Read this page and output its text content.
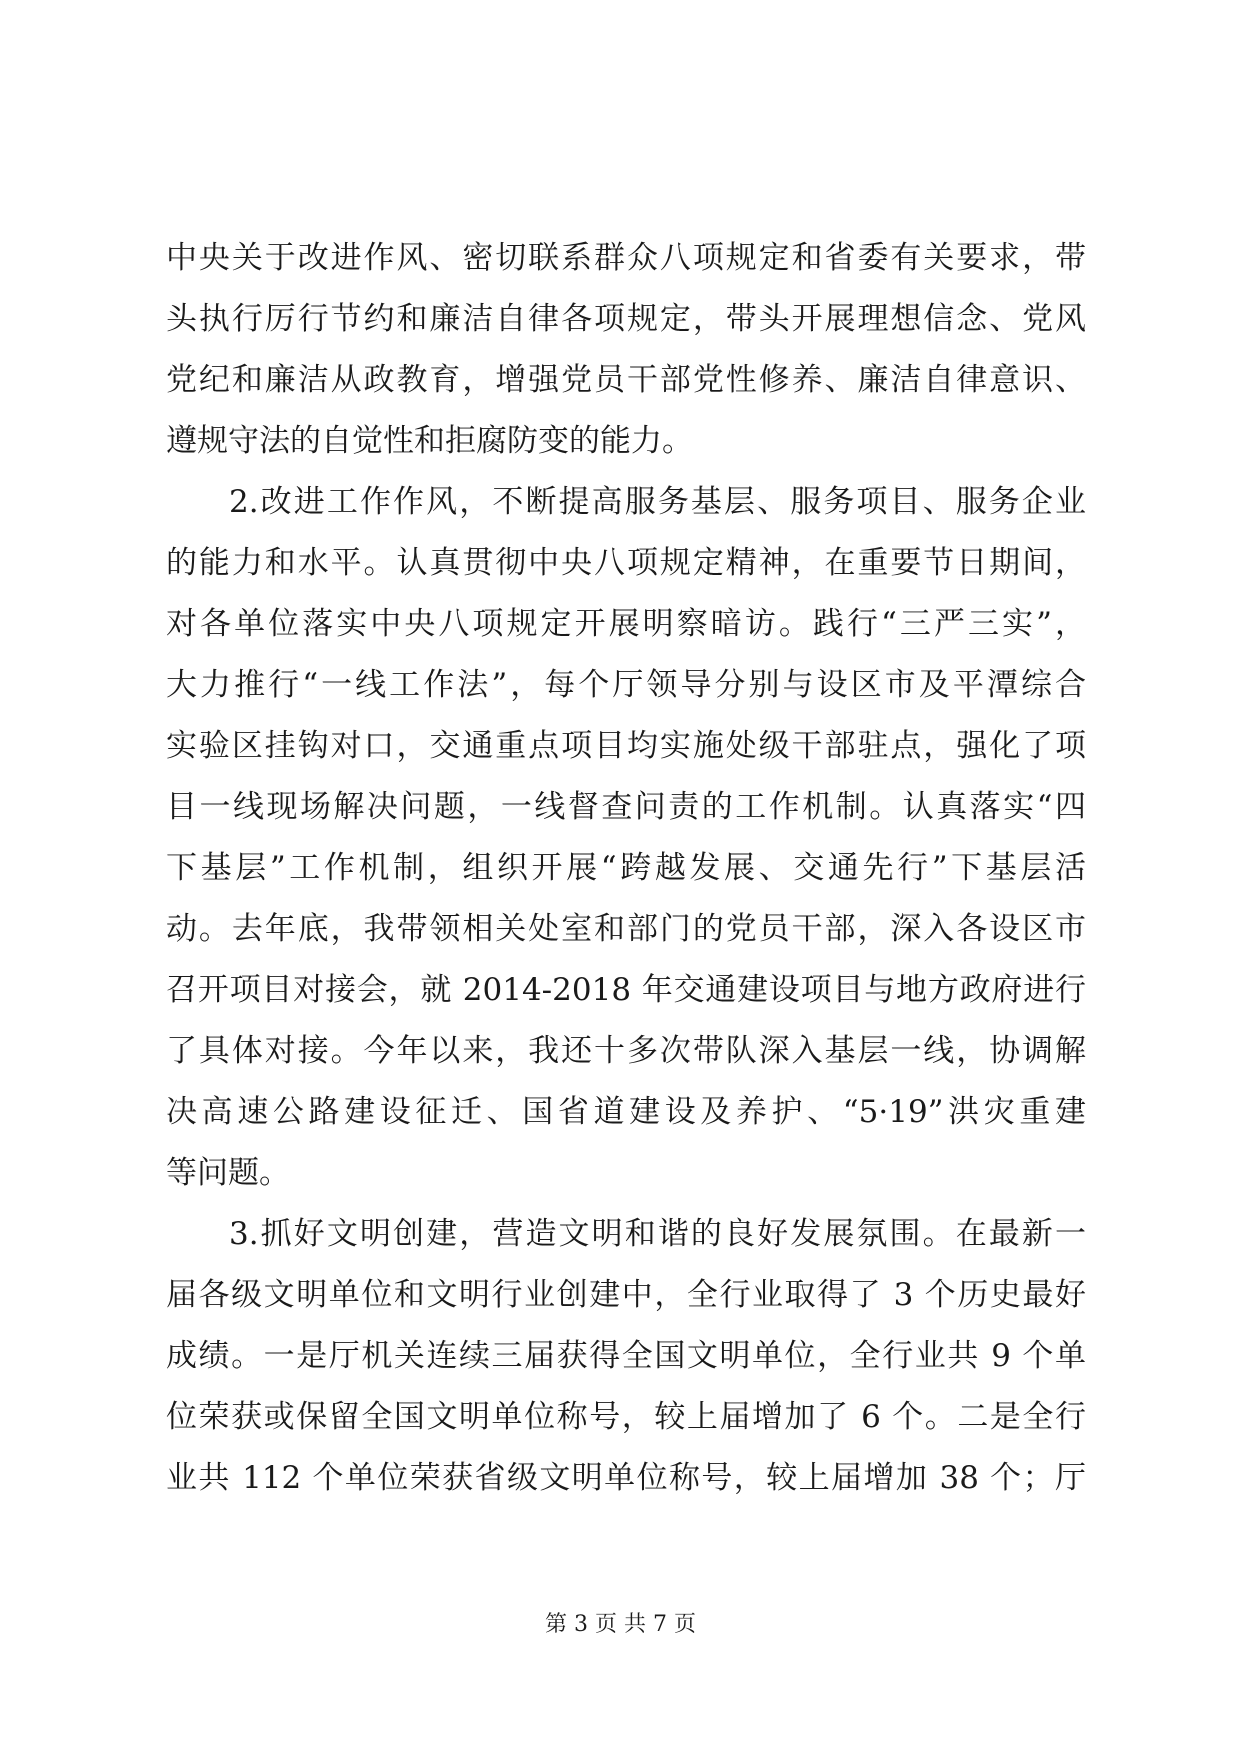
中央关于改进作风、密切联系群众八项规定和省委有关要求，带
头执行厉行节约和廉洁自律各项规定，带头开展理想信念、党风
党纪和廉洁从政教育，增强党员干部党性修养、廉洁自律意识、
遵规守法的自觉性和拒腐防变的能力。
2.改进工作作风，不断提高服务基层、服务项目、服务企业
的能力和水平。认真贯彻中央八项规定精神，在重要节日期间，
对各单位落实中央八项规定开展明察暗访。践行“三严三实”，
大力推行“一线工作法”，每个厅领导分别与设区市及平潭综合
实验区挂钩对口，交通重点项目均实施处级干部驻点，强化了项
目一线现场解决问题，一线督查问责的工作机制。认真落实“四
下基层”工作机制，组织开展“跨越发展、交通先行”下基层活
动。去年底，我带领相关处室和部门的党员干部，深入各设区市
召开项目对接会，就 2014-2018 年交通建设项目与地方政府进行
了具体对接。今年以来，我还十多次带队深入基层一线，协调解
决高速公路建设征迁、国省道建设及养护、“5·19”洪灾重建
等问题。
3.抓好文明创建，营造文明和谐的良好发展氛围。在最新一
届各级文明单位和文明行业创建中，全行业取得了 3 个历史最好
成绩。一是厅机关连续三届获得全国文明单位，全行业共 9 个单
位荣获或保留全国文明单位称号，较上届增加了 6 个。二是全行
业共 112 个单位荣获省级文明单位称号，较上届增加 38 个；厅
第 3 页 共 7 页
